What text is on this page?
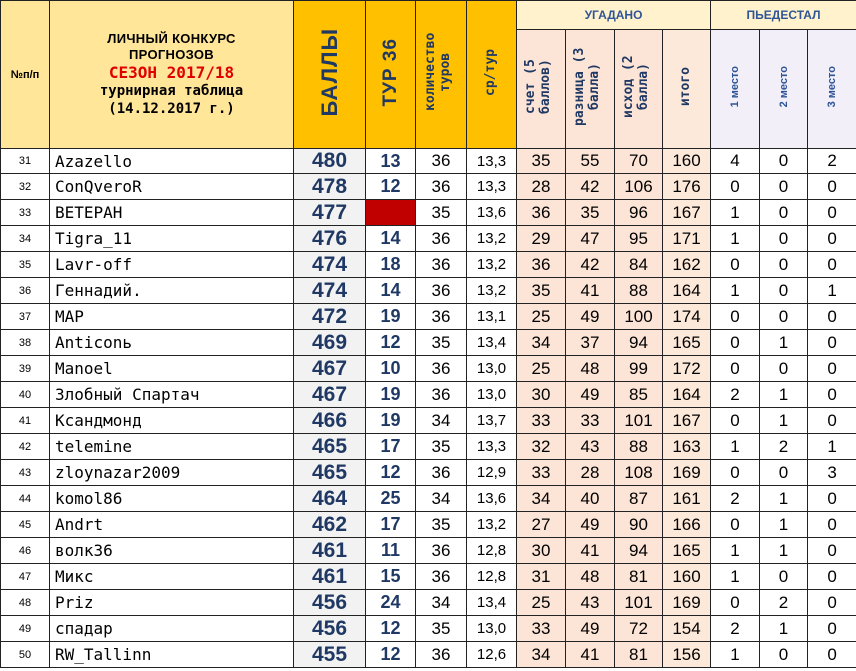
№п/п	ЛИЧНЫЙ КОНКУРС
ПРОГНОЗОВ
СЕЗОН 2017/18
турнирная таблица
(14.12.2017 г.)	БАЛЛЫ	ТУР 36	количество туров	ср/тур	УГАДАНО				ПЬЕДЕСТАЛ		
						счет (5 баллов)	разница (3 балла)	исход (2 балла)	итого	1 место	2 место	3 место
31	Azazello	480	13	36	13,3	35	55	70	160	4	0	2
32	ConQveroR	478	12	36	13,3	28	42	106	176	0	0	0
33	ВЕТЕРАН	477		35	13,6	36	35	96	167	1	0	0
34	Tigra_11	476	14	36	13,2	29	47	95	171	1	0	0
35	Lavr-off	474	18	36	13,2	36	42	84	162	0	0	0
36	Геннадий.	474	14	36	13,2	35	41	88	164	1	0	1
37	МАР	472	19	36	13,1	25	49	100	174	0	0	0
38	Anticonь	469	12	35	13,4	34	37	94	165	0	1	0
39	Manoel	467	10	36	13,0	25	48	99	172	0	0	0
40	Злобный Спартач	467	19	36	13,0	30	49	85	164	2	1	0
41	Ксандмонд	466	19	34	13,7	33	33	101	167	0	1	0
42	telemine	465	17	35	13,3	32	43	88	163	1	2	1
43	zloynazar2009	465	12	36	12,9	33	28	108	169	0	0	3
44	komol86	464	25	34	13,6	34	40	87	161	2	1	0
45	Andrt	462	17	35	13,2	27	49	90	166	0	1	0
46	волк36	461	11	36	12,8	30	41	94	165	1	1	0
47	Микс	461	15	36	12,8	31	48	81	160	1	0	0
48	Priz	456	24	34	13,4	25	43	101	169	0	2	0
49	спадар	456	12	35	13,0	33	49	72	154	2	1	0
50	RW_Tallinn	455	12	36	12,6	34	41	81	156	1	0	0
